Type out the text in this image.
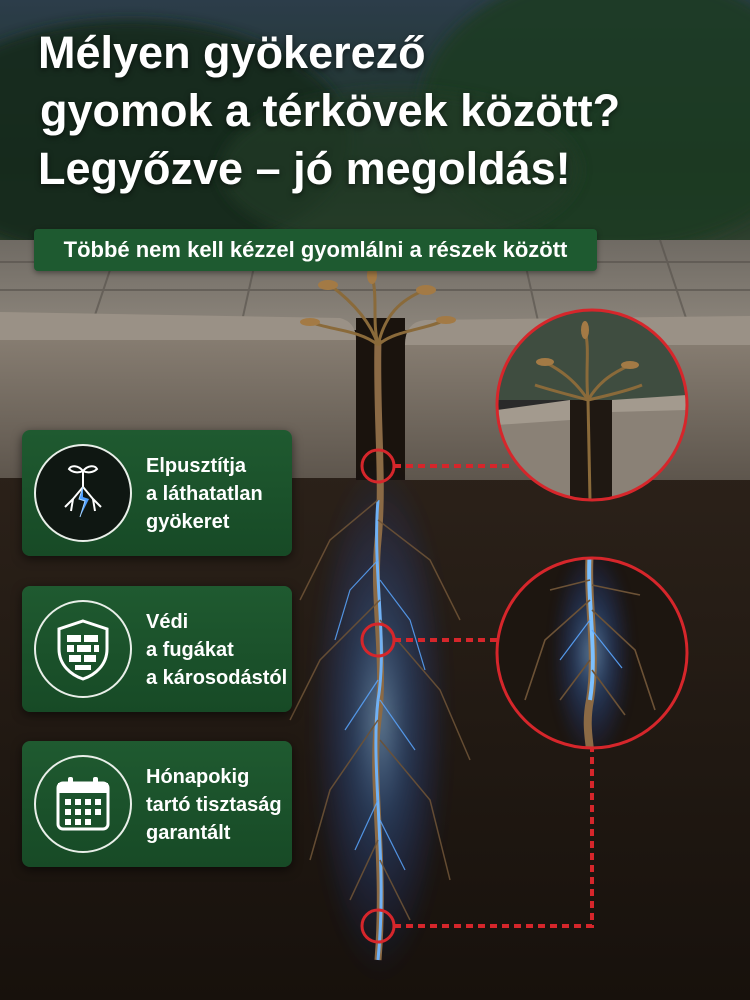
Mélyen gyökerező
gyomok a térkövek között?
Legyőzve – jó megoldás!
Többé nem kell kézzel gyomlálni a részek között
Elpusztítja
a láthatatlan
gyökeret
Védi
a fugákat
a károsodástól
Hónapokig
tartó tisztaság
garantált
